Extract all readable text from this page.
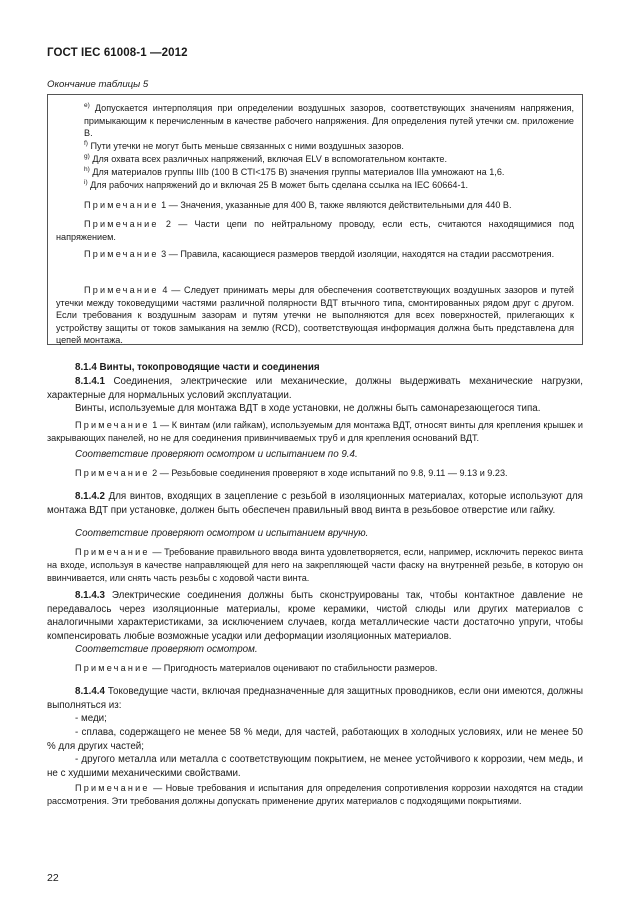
ГОСТ IEC 61008-1 —2012
Окончание таблицы 5
$^{е)}$ Допускается интерполяция при определении воздушных зазоров, соответствующих значениям напряжения, примыкающим к перечисленным в качестве рабочего напряжения. Для определения путей утечки см. приложение В.
$^{f)}$ Пути утечки не могут быть меньше связанных с ними воздушных зазоров.
$^{g)}$ Для охвата всех различных напряжений, включая ELV в вспомогательном контакте.
$^{h)}$ Для материалов группы IIIb (100 В CTI<175 В) значения группы материалов IIIa умножают на 1,6.
$^{i)}$ Для рабочих напряжений до и включая 25 В может быть сделана ссылка на IEC 60664-1.
Примечание 1 — Значения, указанные для 400 В, также являются действительными для 440 В.
Примечание 2 — Части цепи по нейтральному проводу, если есть, считаются находящимися под напряжением.
Примечание 3 — Правила, касающиеся размеров твердой изоляции, находятся на стадии рассмотрения.
Примечание 4 — Следует принимать меры для обеспечения соответствующих воздушных зазоров и путей утечки между токоведущими частями различной полярности ВДТ втычного типа, смонтированных рядом друг с другом. Если требования к воздушным зазорам и путям утечки не выполняются для всех поверхностей, прилегающих к устройству защиты от токов замыкания на землю (RCD), соответствующая информация должна быть представлена для цепей монтажа.
8.1.4 Винты, токопроводящие части и соединения
8.1.4.1 Соединения, электрические или механические, должны выдерживать механические нагрузки, характерные для нормальных условий эксплуатации.
Винты, используемые для монтажа ВДТ в ходе установки, не должны быть самонарезающегося типа.
Примечание 1 — К винтам (или гайкам), используемым для монтажа ВДТ, относят винты для крепления крышек и закрывающих панелей, но не для соединения привинчиваемых труб и для крепления оснований ВДТ.
Соответствие проверяют осмотром и испытанием по 9.4.
Примечание 2 — Резьбовые соединения проверяют в ходе испытаний по 9.8, 9.11 — 9.13 и 9.23.
8.1.4.2 Для винтов, входящих в зацепление с резьбой в изоляционных материалах, которые используют для монтажа ВДТ при установке, должен быть обеспечен правильный ввод винта в резьбовое отверстие или гайку.
Соответствие проверяют осмотром и испытанием вручную.
Примечание — Требование правильного ввода винта удовлетворяется, если, например, исключить перекос винта на входе, используя в качестве направляющей для него на закрепляющей части фаску на внутренней резьбе, в которую он ввинчивается, или снять часть резьбы с ходовой части винта.
8.1.4.3 Электрические соединения должны быть сконструированы так, чтобы контактное давление не передавалось через изоляционные материалы, кроме керамики, чистой слюды или других материалов с аналогичными характеристиками, за исключением случаев, когда металлические части достаточно упруги, чтобы компенсировать любые возможные усадки или деформации изоляционных материалов.
Соответствие проверяют осмотром.
Примечание — Пригодность материалов оценивают по стабильности размеров.
8.1.4.4 Токоведущие части, включая предназначенные для защитных проводников, если они имеются, должны выполняться из:
- меди;
- сплава, содержащего не менее 58 % меди, для частей, работающих в холодных условиях, или не менее 50 % для других частей;
- другого металла или металла с соответствующим покрытием, не менее устойчивого к коррозии, чем медь, и не с худшими механическими свойствами.
Примечание — Новые требования и испытания для определения сопротивления коррозии находятся на стадии рассмотрения. Эти требования должны допускать применение других материалов с подходящими покрытиями.
22
